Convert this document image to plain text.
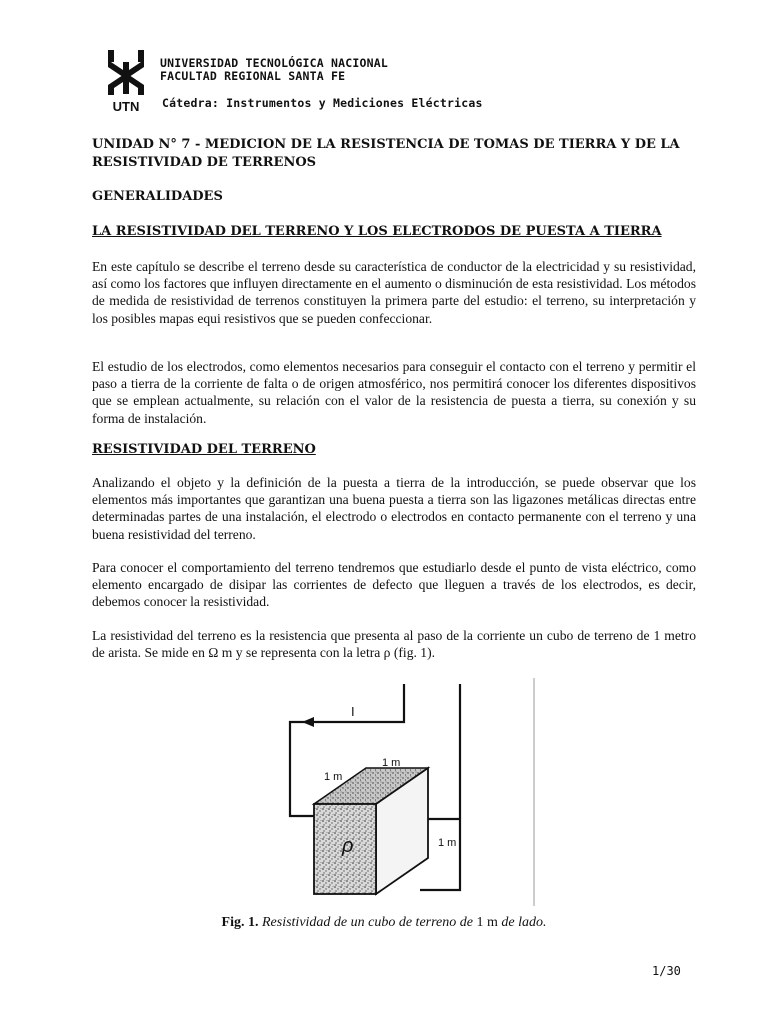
UTN
UNIVERSIDAD TECNOLÓGICA NACIONAL
FACULTAD REGIONAL SANTA FE
Cátedra: Instrumentos y Mediciones Eléctricas
UNIDAD N° 7 - MEDICION DE LA RESISTENCIA DE TOMAS DE TIERRA Y DE LA RESISTIVIDAD DE TERRENOS
GENERALIDADES
LA RESISTIVIDAD DEL TERRENO Y LOS ELECTRODOS DE PUESTA A TIERRA
En este capítulo se describe el terreno desde su característica de conductor de la electricidad y su resistividad, así como los factores que influyen directamente en el aumento o disminución de esta resistividad. Los métodos de medida de resistividad de terrenos constituyen la primera parte del estudio: el terreno, su interpretación y los posibles mapas equi resistivos que se pueden confeccionar.
El estudio de los electrodos, como elementos necesarios para conseguir el contacto con el terreno y permitir el paso a tierra de la corriente de falta o de origen atmosférico, nos permitirá conocer los diferentes dispositivos que se emplean actualmente, su relación con el valor de la resistencia de puesta a tierra, su conexión y su forma de instalación.
RESISTIVIDAD DEL TERRENO
Analizando el objeto y la definición de la puesta a tierra de la introducción, se puede observar que los elementos más importantes que garantizan una buena puesta a tierra son las ligazones metálicas directas entre determinadas partes de una instalación, el electrodo o electrodos en contacto permanente con el terreno y una buena resistividad del terreno.
Para conocer el comportamiento del terreno tendremos que estudiarlo desde el punto de vista eléctrico, como elemento encargado de disipar las corrientes de defecto que lleguen a través de los electrodos, es decir, debemos conocer la resistividad.
La resistividad del terreno es la resistencia que presenta al paso de la corriente un cubo de terreno de 1 metro de arista. Se mide en Ω m y se representa con la letra ρ (fig. 1).
I
ρ
1 m
1 m
1 m
Fig. 1. Resistividad de un cubo de terreno de 1 m de lado.
1/30
